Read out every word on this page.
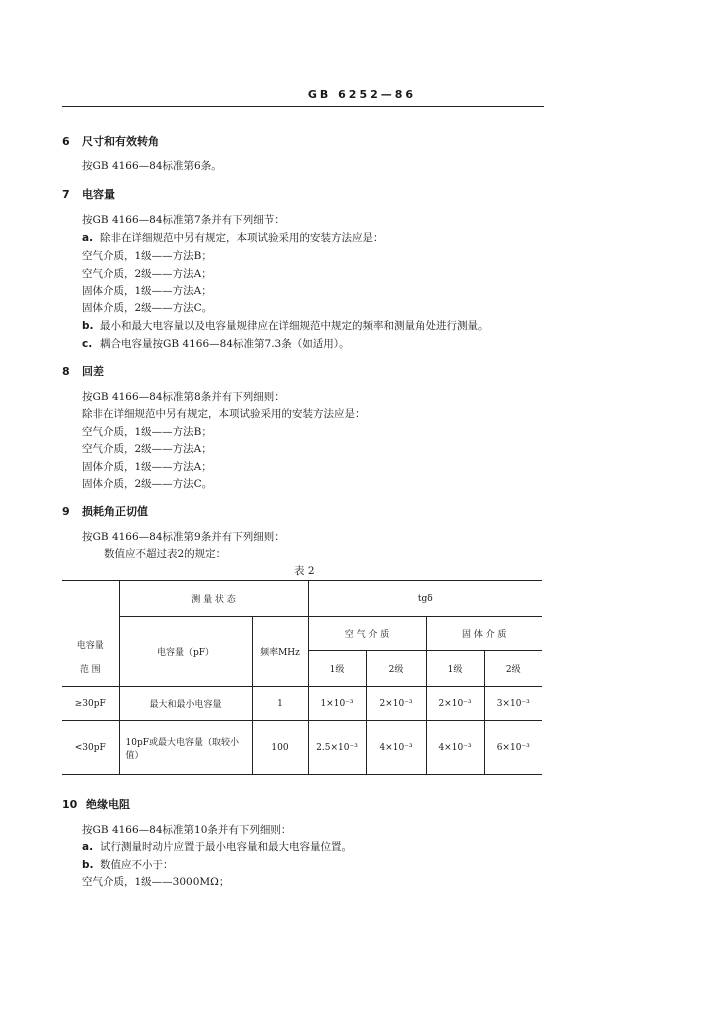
GB 6252—86
6 尺寸和有效转角
按GB 4166—84标准第6条。
7 电容量
按GB 4166—84标准第7条并有下列细节：
a. 除非在详细规范中另有规定，本项试验采用的安装方法应是：
空气介质，1级——方法B；
空气介质，2级——方法A；
固体介质，1级——方法A；
固体介质，2级——方法C。
b. 最小和最大电容量以及电容量规律应在详细规范中规定的频率和测量角处进行测量。
c. 耦合电容量按GB 4166—84标准第7.3条（如适用）。
8 回差
按GB 4166—84标准第8条并有下列细则：
除非在详细规范中另有规定，本项试验采用的安装方法应是：
空气介质，1级——方法B；
空气介质，2级——方法A；
固体介质，1级——方法A；
固体介质，2级——方法C。
9 损耗角正切值
按GB 4166—84标准第9条并有下列细则：
数值应不超过表2的规定：
表 2
电容量	测 量 状 态		tgδ			
	电容量（pF）	频率MHz	空 气 介 质		固 体 介 质	
范 围			1级	2级	1级	2级
≥30pF	最大和最小电容量	1	1×10⁻³	2×10⁻³	2×10⁻³	3×10⁻³
<30pF	10pF或最大电容量（取较小值）	100	2.5×10⁻³	4×10⁻³	4×10⁻³	6×10⁻³
10 绝缘电阻
按GB 4166—84标准第10条并有下列细则：
a. 试行测量时动片应置于最小电容量和最大电容量位置。
b. 数值应不小于：
空气介质，1级——3000MΩ；
